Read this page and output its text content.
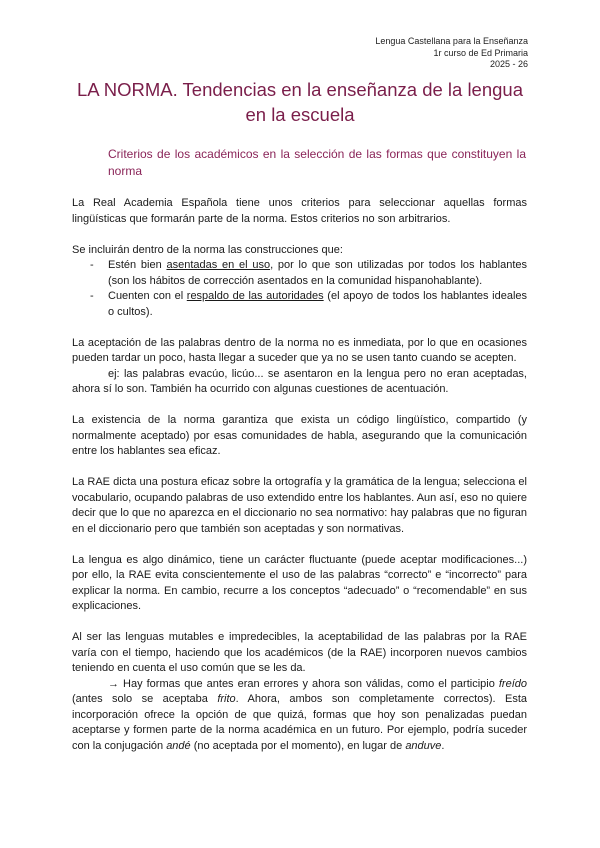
Lengua Castellana para la Enseñanza
1r curso de Ed Primaria
2025 - 26
LA NORMA. Tendencias en la enseñanza de la lengua en la escuela
Criterios de los académicos en la selección de las formas que constituyen la norma

La Real Academia Española tiene unos criterios para seleccionar aquellas formas lingüísticas que formarán parte de la norma. Estos criterios no son arbitrarios.

Se incluirán dentro de la norma las construcciones que:

- Estén bien asentadas en el uso, por lo que son utilizadas por todos los hablantes (son los hábitos de corrección asentados en la comunidad hispanohablante).
- Cuenten con el respaldo de las autoridades (el apoyo de todos los hablantes ideales o cultos).

La aceptación de las palabras dentro de la norma no es inmediata, por lo que en ocasiones pueden tardar un poco, hasta llegar a suceder que ya no se usen tanto cuando se acepten.

ej: las palabras evacúo, licúo... se asentaron en la lengua pero no eran aceptadas, ahora sí lo son. También ha ocurrido con algunas cuestiones de acentuación.

La existencia de la norma garantiza que exista un código lingüístico, compartido (y normalmente aceptado) por esas comunidades de habla, asegurando que la comunicación entre los hablantes sea eficaz.

La RAE dicta una postura eficaz sobre la ortografía y la gramática de la lengua; selecciona el vocabulario, ocupando palabras de uso extendido entre los hablantes. Aun así, eso no quiere decir que lo que no aparezca en el diccionario no sea normativo: hay palabras que no figuran en el diccionario pero que también son aceptadas y son normativas.

La lengua es algo dinámico, tiene un carácter fluctuante (puede aceptar modificaciones...) por ello, la RAE evita conscientemente el uso de las palabras “correcto” e “incorrecto” para explicar la norma. En cambio, recurre a los conceptos “adecuado” o “recomendable” en sus explicaciones.

Al ser las lenguas mutables e impredecibles, la aceptabilidad de las palabras por la RAE varía con el tiempo, haciendo que los académicos (de la RAE) incorporen nuevos cambios teniendo en cuenta el uso común que se les da.

→ Hay formas que antes eran errores y ahora son válidas, como el participio freído (antes solo se aceptaba frito. Ahora, ambos son completamente correctos). Esta incorporación ofrece la opción de que quizá, formas que hoy son penalizadas puedan aceptarse y formen parte de la norma académica en un futuro. Por ejemplo, podría suceder con la conjugación andé (no aceptada por el momento), en lugar de anduve.
